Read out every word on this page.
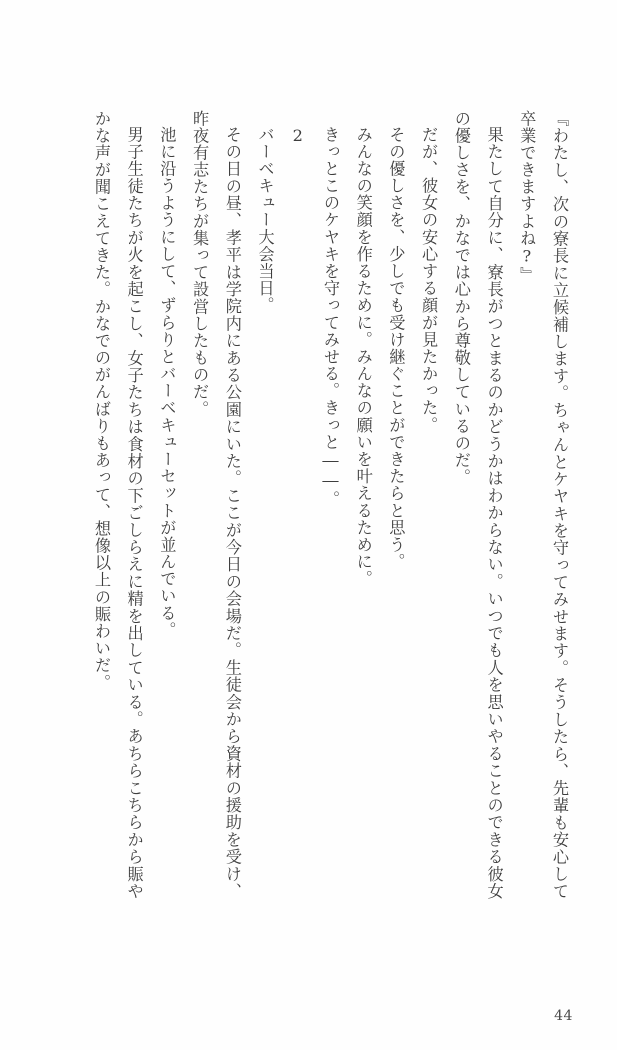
『わたし、次の寮長に立候補します。ちゃんとケヤキを守ってみせます。そうしたら、先輩も安心して卒業できますよね?』

果たして自分に、寮長がつとまるのかどうかはわからない。いつでも人を思いやることのできる彼女の優しさを、かなでは心から尊敬しているのだ。

だが、彼女の安心する顔が見たかった。

その優しさを、少しでも受け継ぐことができたらと思う。

みんなの笑顔を作るために。みんなの願いを叶えるために。

きっとこのケヤキを守ってみせる。きっと――。

2

バーベキュー大会当日。

その日の昼、孝平は学院内にある公園にいた。ここが今日の会場だ。生徒会から資材の援助を受け、昨夜有志たちが集って設営したものだ。

池に沿うようにして、ずらりとバーベキューセットが並んでいる。

男子生徒たちが火を起こし、女子たちは食材の下ごしらえに精を出している。あちらこちらから賑やかな声が聞こえてきた。かなでのがんばりもあって、想像以上の賑わいだ。

44
